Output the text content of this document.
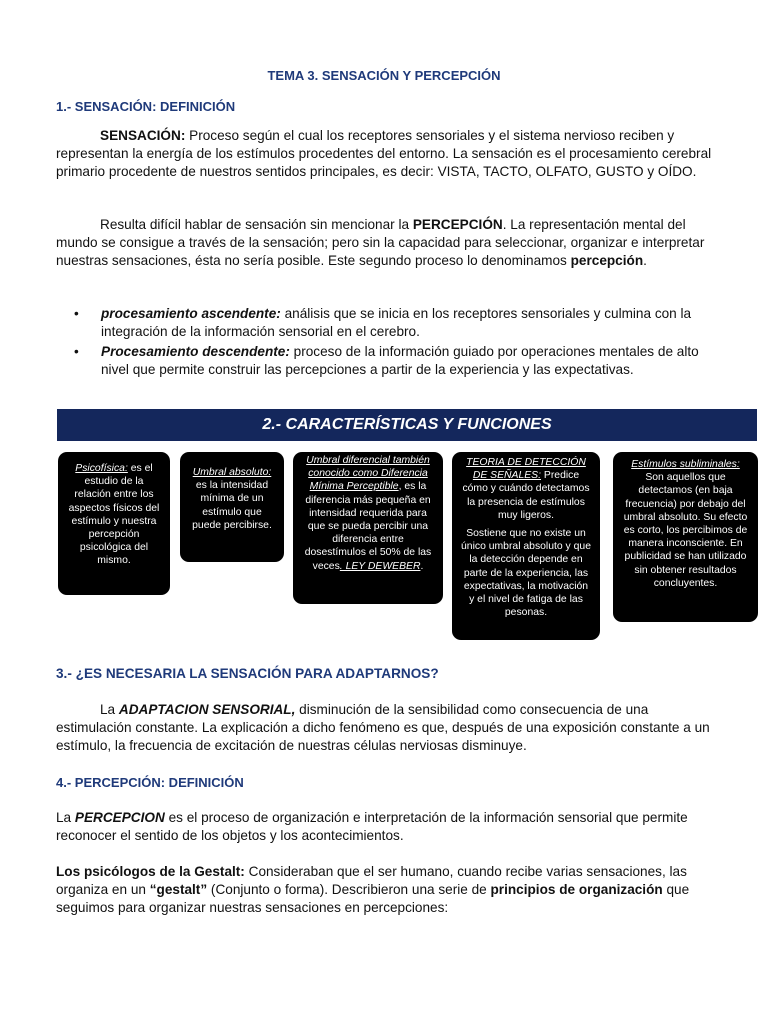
TEMA 3. SENSACIÓN Y PERCEPCIÓN
1.- SENSACIÓN: DEFINICIÓN
SENSACIÓN: Proceso según el cual los receptores sensoriales y el sistema nervioso reciben y representan la energía de los estímulos procedentes del entorno. La sensación es el procesamiento cerebral primario procedente de nuestros sentidos principales, es decir: VISTA, TACTO, OLFATO, GUSTO y OÍDO.
Resulta difícil hablar de sensación sin mencionar la PERCEPCIÓN. La representación mental del mundo se consigue a través de la sensación; pero sin la capacidad para seleccionar, organizar e interpretar nuestras sensaciones, ésta no sería posible. Este segundo proceso lo denominamos percepción.
• procesamiento ascendente: análisis que se inicia en los receptores sensoriales y culmina con la integración de la información sensorial en el cerebro.
• Procesamiento descendente: proceso de la información guiado por operaciones mentales de alto nivel que permite construir las percepciones a partir de la experiencia y las expectativas.
2.- CARACTERÍSTICAS Y FUNCIONES
Psicofísica: es el estudio de la relación entre los aspectos físicos del estímulo y nuestra percepción psicológica del mismo.
Umbral absoluto: es la intensidad mínima de un estímulo que puede percibirse.
Umbral diferencial también conocido como Diferencia Mínima Perceptible, es la diferencia más pequeña en intensidad requerida para que se pueda percibir una diferencia entre dosestímulos el 50% de las veces. LEY DEWEBER.

TEORIA DE DETECCIÓN DE SEÑALES: Predice cómo y cuándo detectamos la presencia de estímulos muy ligeros.

Sostiene que no existe un único umbral absoluto y que la detección depende en parte de la experiencia, las expectativas, la motivación y el nivel de fatiga de las pesonas.

Estímulos subliminales: Son aquellos que detectamos (en baja frecuencia) por debajo del umbral absoluto. Su efecto es corto, los percibimos de manera inconsciente. En publicidad se han utilizado sin obtener resultados concluyentes.
3.- ¿ES NECESARIA LA SENSACIÓN PARA ADAPTARNOS?
La ADAPTACION SENSORIAL, disminución de la sensibilidad como consecuencia de una estimulación constante. La explicación a dicho fenómeno es que, después de una exposición constante a un estímulo, la frecuencia de excitación de nuestras células nerviosas disminuye.
4.- PERCEPCIÓN: DEFINICIÓN
La PERCEPCION es el proceso de organización e interpretación de la información sensorial que permite reconocer el sentido de los objetos y los acontecimientos.
Los psicólogos de la Gestalt: Consideraban que el ser humano, cuando recibe varias sensaciones, las organiza en un “gestalt” (Conjunto o forma). Describieron una serie de principios de organización que seguimos para organizar nuestras sensaciones en percepciones:
